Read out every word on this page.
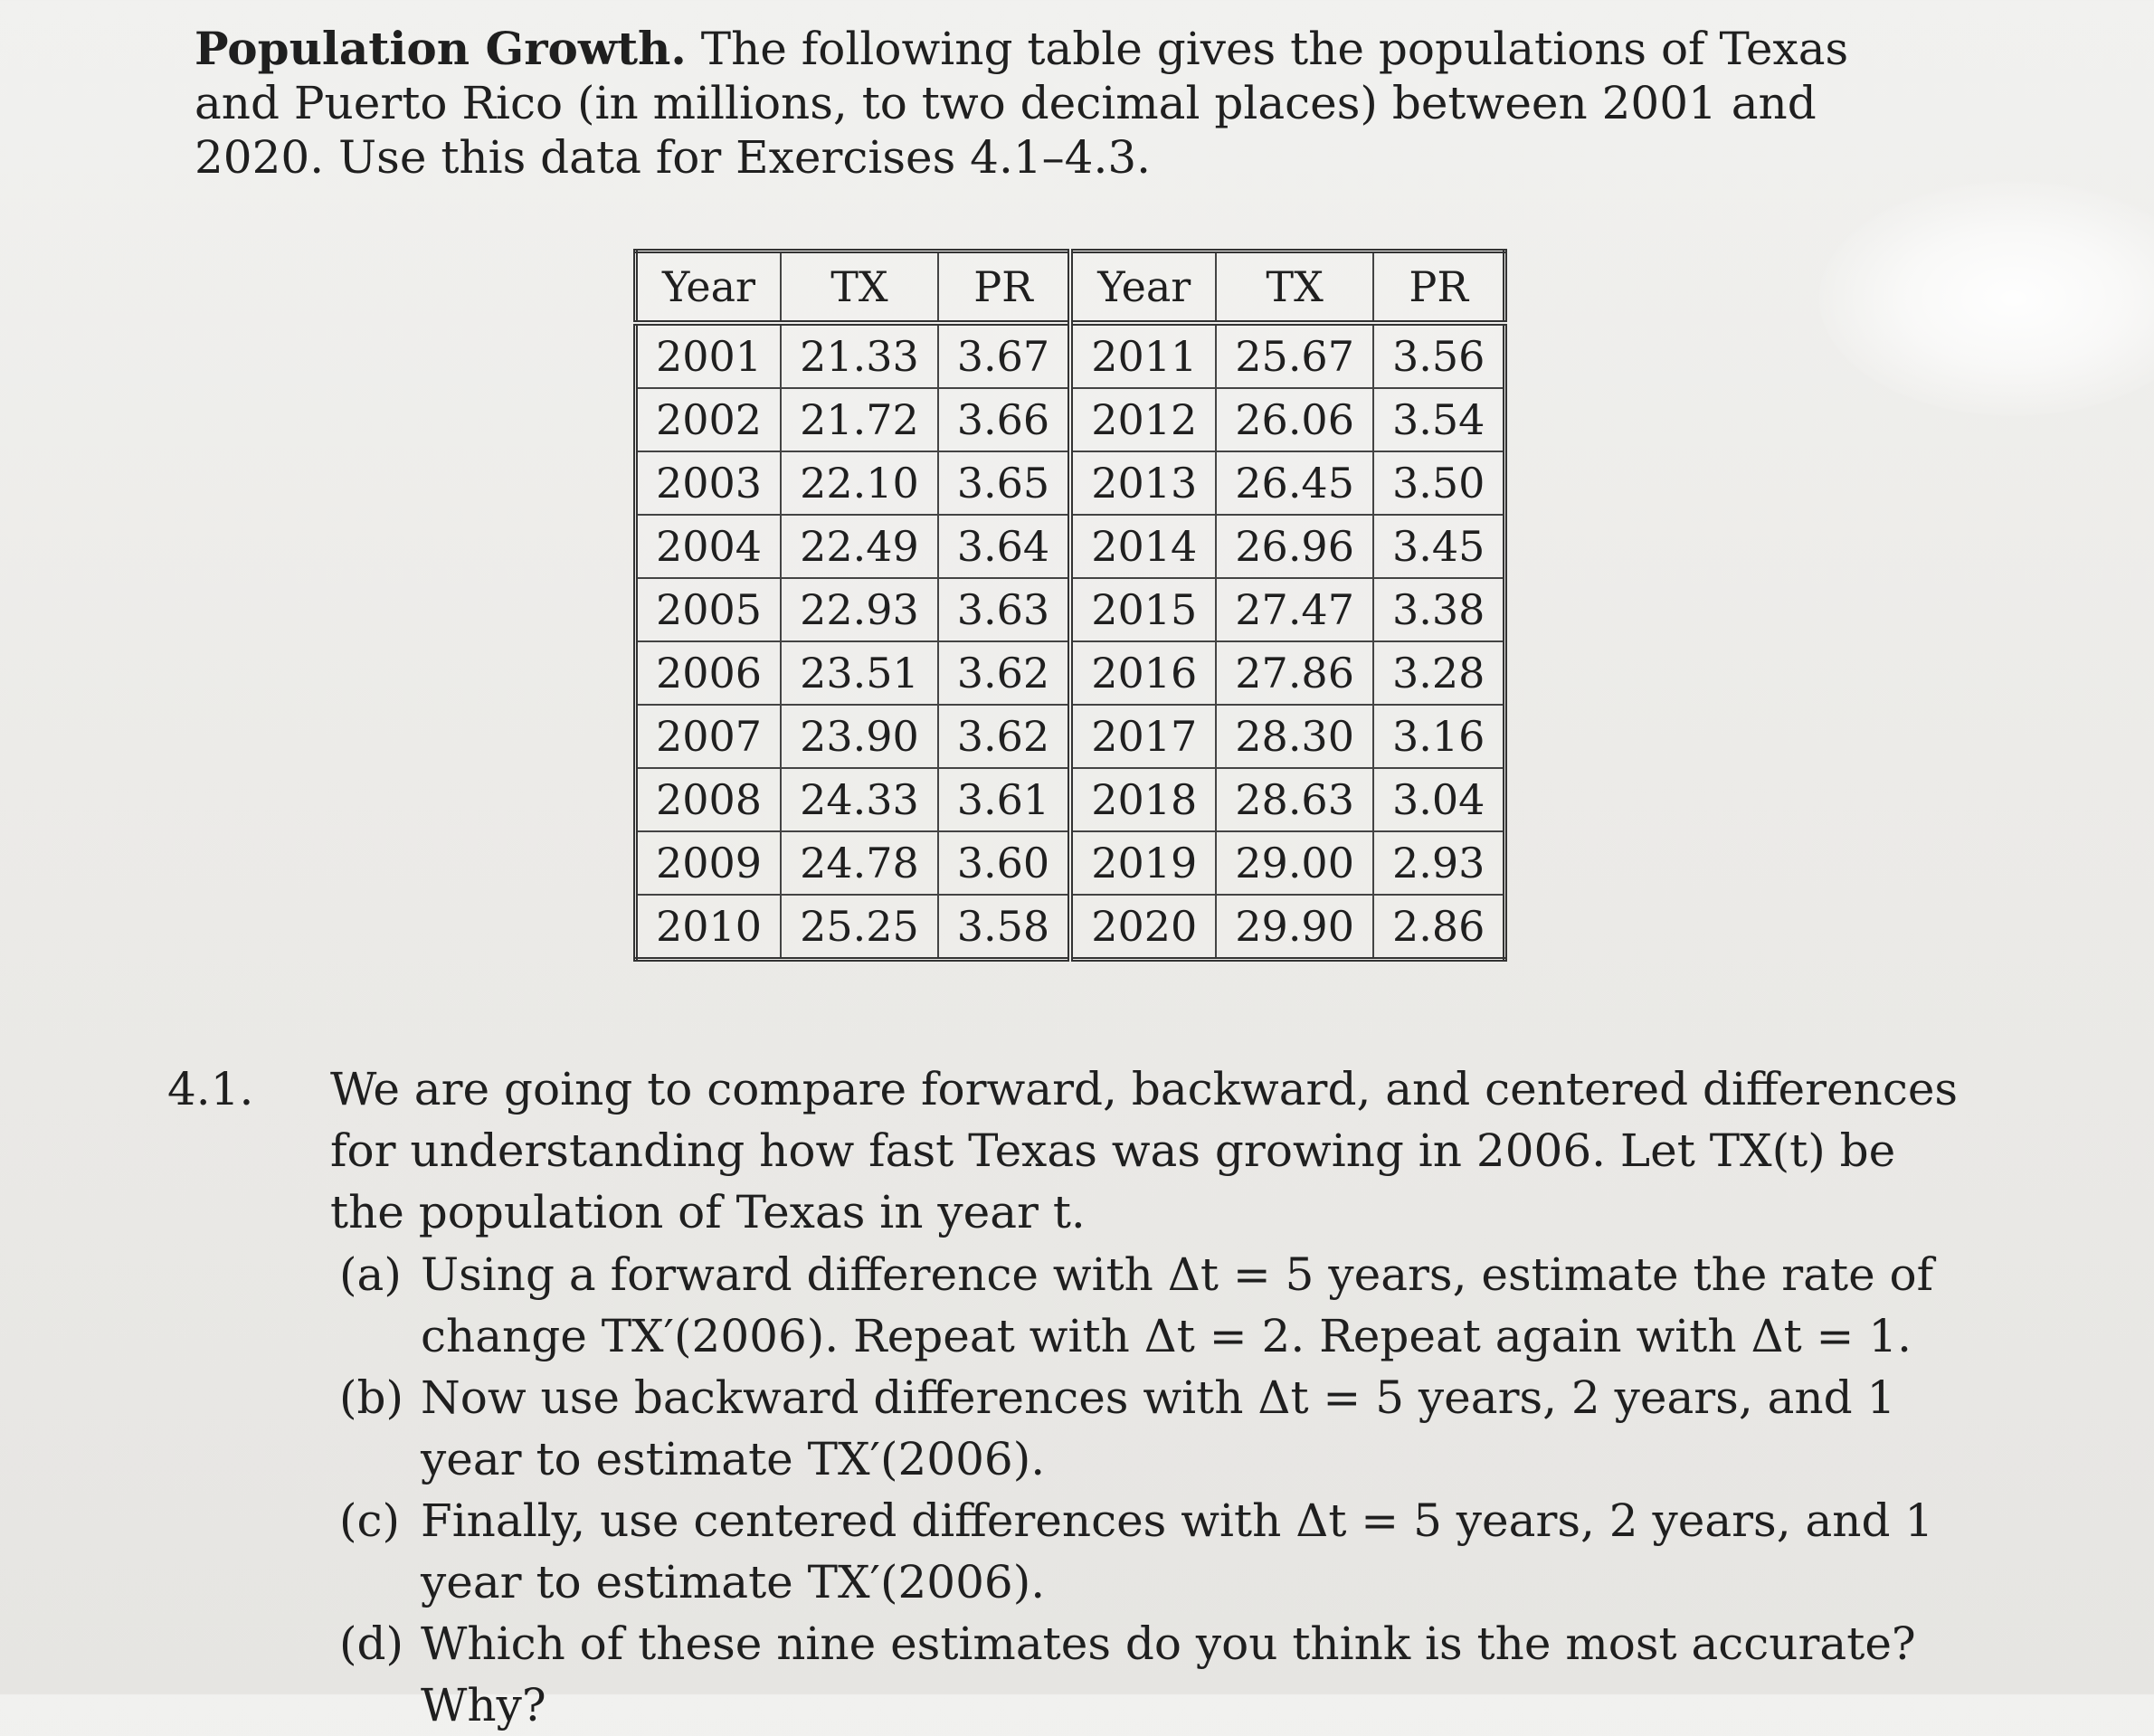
Population Growth. The following table gives the populations of Texas and Puerto Rico (in millions, to two decimal places) between 2001 and 2020. Use this data for Exercises 4.1–4.3.
Year	TX	PR	Year	TX	PR
2001	21.33	3.67	2011	25.67	3.56
2002	21.72	3.66	2012	26.06	3.54
2003	22.10	3.65	2013	26.45	3.50
2004	22.49	3.64	2014	26.96	3.45
2005	22.93	3.63	2015	27.47	3.38
2006	23.51	3.62	2016	27.86	3.28
2007	23.90	3.62	2017	28.30	3.16
2008	24.33	3.61	2018	28.63	3.04
2009	24.78	3.60	2019	29.00	2.93
2010	25.25	3.58	2020	29.90	2.86
4.1. We are going to compare forward, backward, and centered differences for understanding how fast Texas was growing in 2006. Let TX(t) be the population of Texas in year t.
(a) Using a forward difference with Δt = 5 years, estimate the rate of change TX′(2006). Repeat with Δt = 2. Repeat again with Δt = 1.
(b) Now use backward differences with Δt = 5 years, 2 years, and 1 year to estimate TX′(2006).
(c) Finally, use centered differences with Δt = 5 years, 2 years, and 1 year to estimate TX′(2006).
(d) Which of these nine estimates do you think is the most accurate? Why?
